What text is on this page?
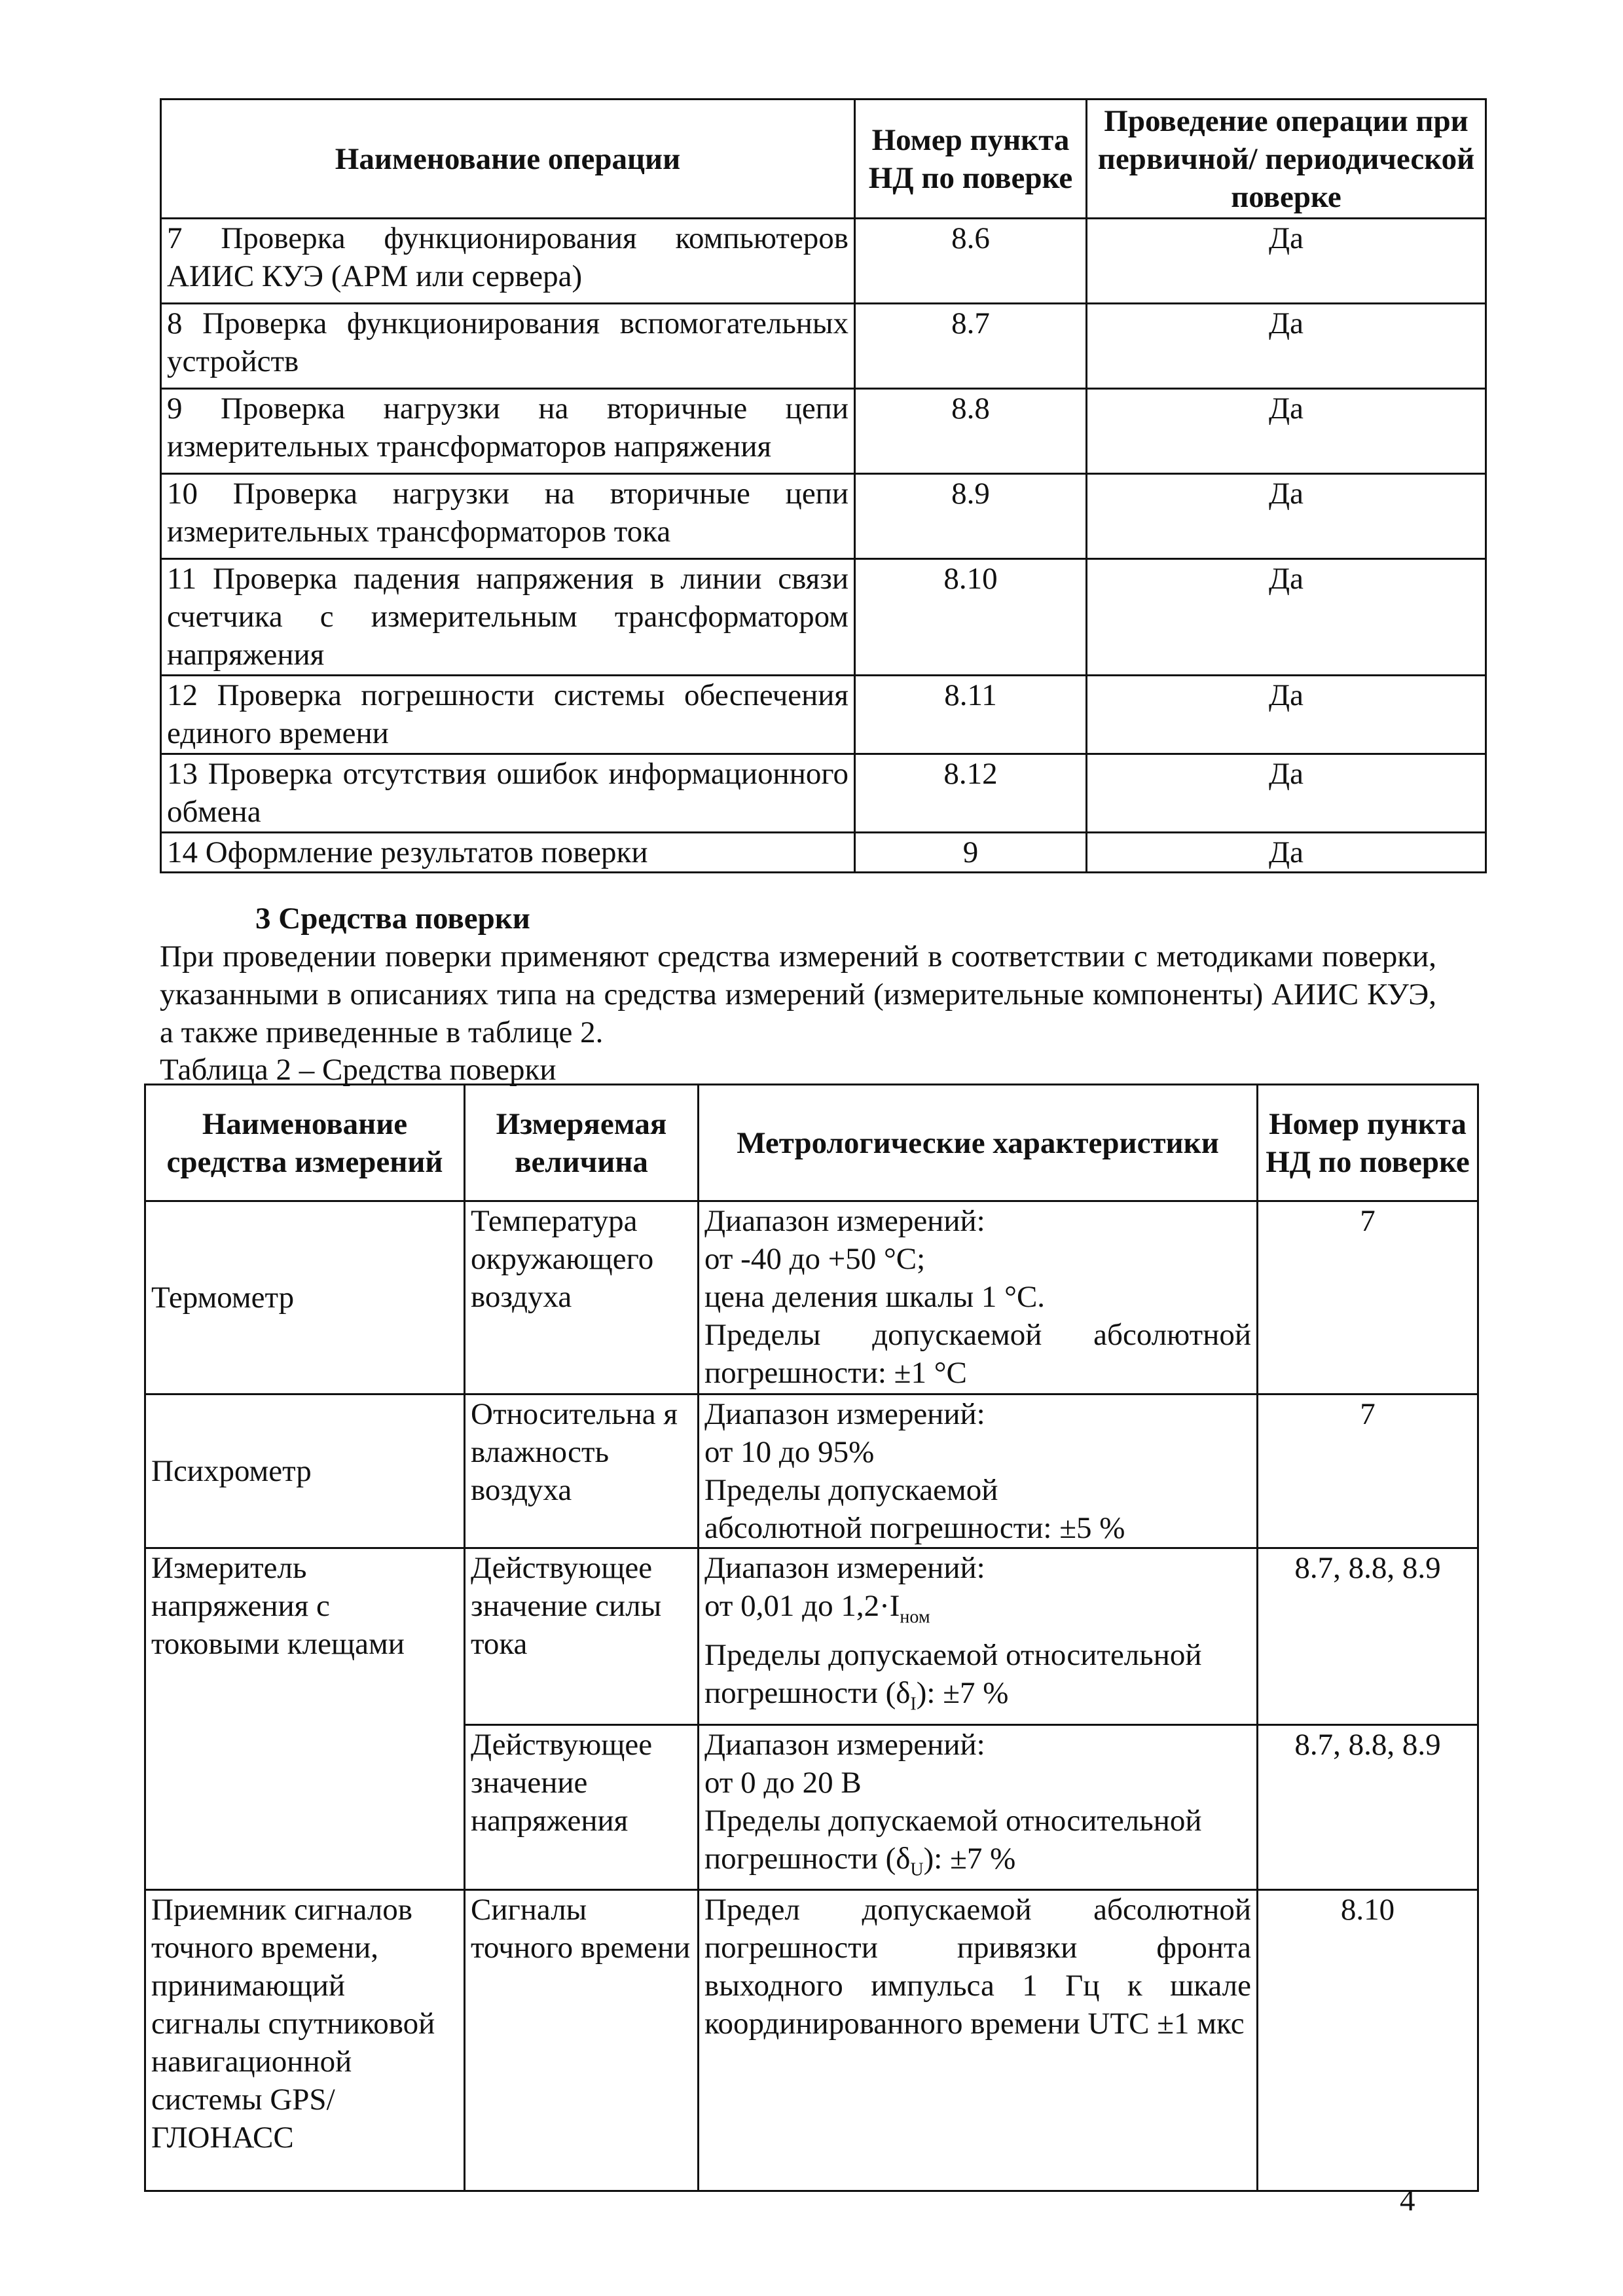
Наименование операции	Номер пункта НД по поверке	Проведение операции при первичной/ периодической поверке
7 Проверка функционирования компьютеров АИИС КУЭ (АРМ или сервера)	8.6	Да
8 Проверка функционирования вспомогательных устройств	8.7	Да
9 Проверка нагрузки на вторичные цепи измерительных трансформаторов напряжения	8.8	Да
10 Проверка нагрузки на вторичные цепи измерительных трансформаторов тока	8.9	Да
11 Проверка падения напряжения в линии связи счетчика с измерительным трансформатором напряжения	8.10	Да
12 Проверка погрешности системы обеспечения единого времени	8.11	Да
13 Проверка отсутствия ошибок информационного обмена	8.12	Да
14 Оформление результатов поверки	9	Да
3 Средства поверки
При проведении поверки применяют средства измерений в соответствии с методиками поверки, указанными в описаниях типа на средства измерений (измерительные компоненты) АИИС КУЭ, а также приведенные в таблице 2.
Таблица 2 – Средства поверки
Наименование средства измерений	Измеряемая величина	Метрологические характеристики	Номер пункта НД по поверке
Термометр	Температура окружающего воздуха	Диапазон измерений:
от -40 до +50 °С;
цена деления шкалы 1 °С.
Пределы допускаемой абсолютной погрешности: ±1 °С	7
Психрометр	Относительна я влажность воздуха	Диапазон измерений:
от 10 до 95%
Пределы допускаемой
абсолютной погрешности: ±5 %	7
Измеритель напряжения с токовыми клещами	Действующее значение силы тока	Диапазон измерений:
от 0,01 до $1,2\cdot I_{ном}$
Пределы допускаемой относительной
погрешности $(\delta_I)$: ±7 %	8.7, 8.8, 8.9
	Действующее значение напряжения	Диапазон измерений:
от 0 до 20 В
Пределы допускаемой относительной
погрешности $(\delta_U)$: ±7 %	8.7, 8.8, 8.9
Приемник сигналов точного времени, принимающий сигналы спутниковой навигационной системы GPS/ГЛОНАСС	Сигналы точного времени	Предел допускаемой абсолютной погрешности привязки фронта выходного импульса 1 Гц к шкале координированного времени UTC ±1 мкс	8.10
4
